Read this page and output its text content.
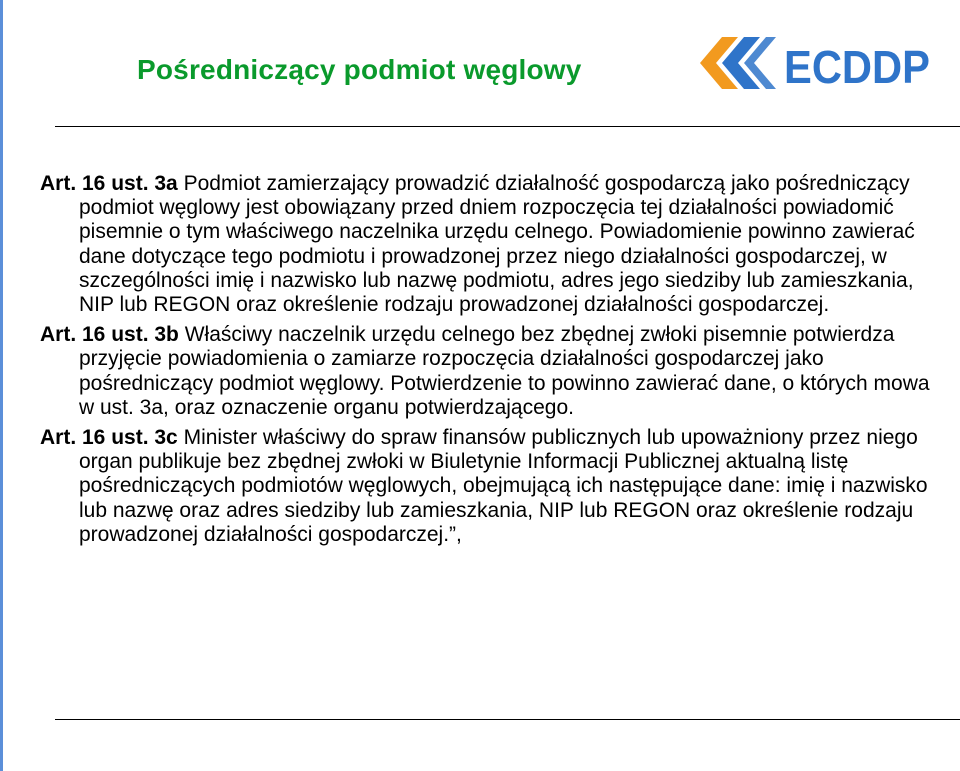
Pośredniczący podmiot węglowy	ECDDP

Art. 16 ust. 3a Podmiot zamierzający prowadzić działalność gospodarczą jako pośredniczący podmiot węglowy jest obowiązany przed dniem rozpoczęcia tej działalności powiadomić pisemnie o tym właściwego naczelnika urzędu celnego. Powiadomienie powinno zawierać dane dotyczące tego podmiotu i prowadzonej przez niego działalności gospodarczej, w szczególności imię i nazwisko lub nazwę podmiotu, adres jego siedziby lub zamieszkania, NIP lub REGON oraz określenie rodzaju prowadzonej działalności gospodarczej.

Art. 16 ust. 3b Właściwy naczelnik urzędu celnego bez zbędnej zwłoki pisemnie potwierdza przyjęcie powiadomienia o zamiarze rozpoczęcia działalności gospodarczej jako pośredniczący podmiot węglowy. Potwierdzenie to powinno zawierać dane, o których mowa w ust. 3a, oraz oznaczenie organu potwierdzającego.

Art. 16 ust. 3c Minister właściwy do spraw finansów publicznych lub upoważniony przez niego organ publikuje bez zbędnej zwłoki w Biuletynie Informacji Publicznej aktualną listę pośredniczących podmiotów węglowych, obejmującą ich następujące dane: imię i nazwisko lub nazwę oraz adres siedziby lub zamieszkania, NIP lub REGON oraz określenie rodzaju prowadzonej działalności gospodarczej.”,
